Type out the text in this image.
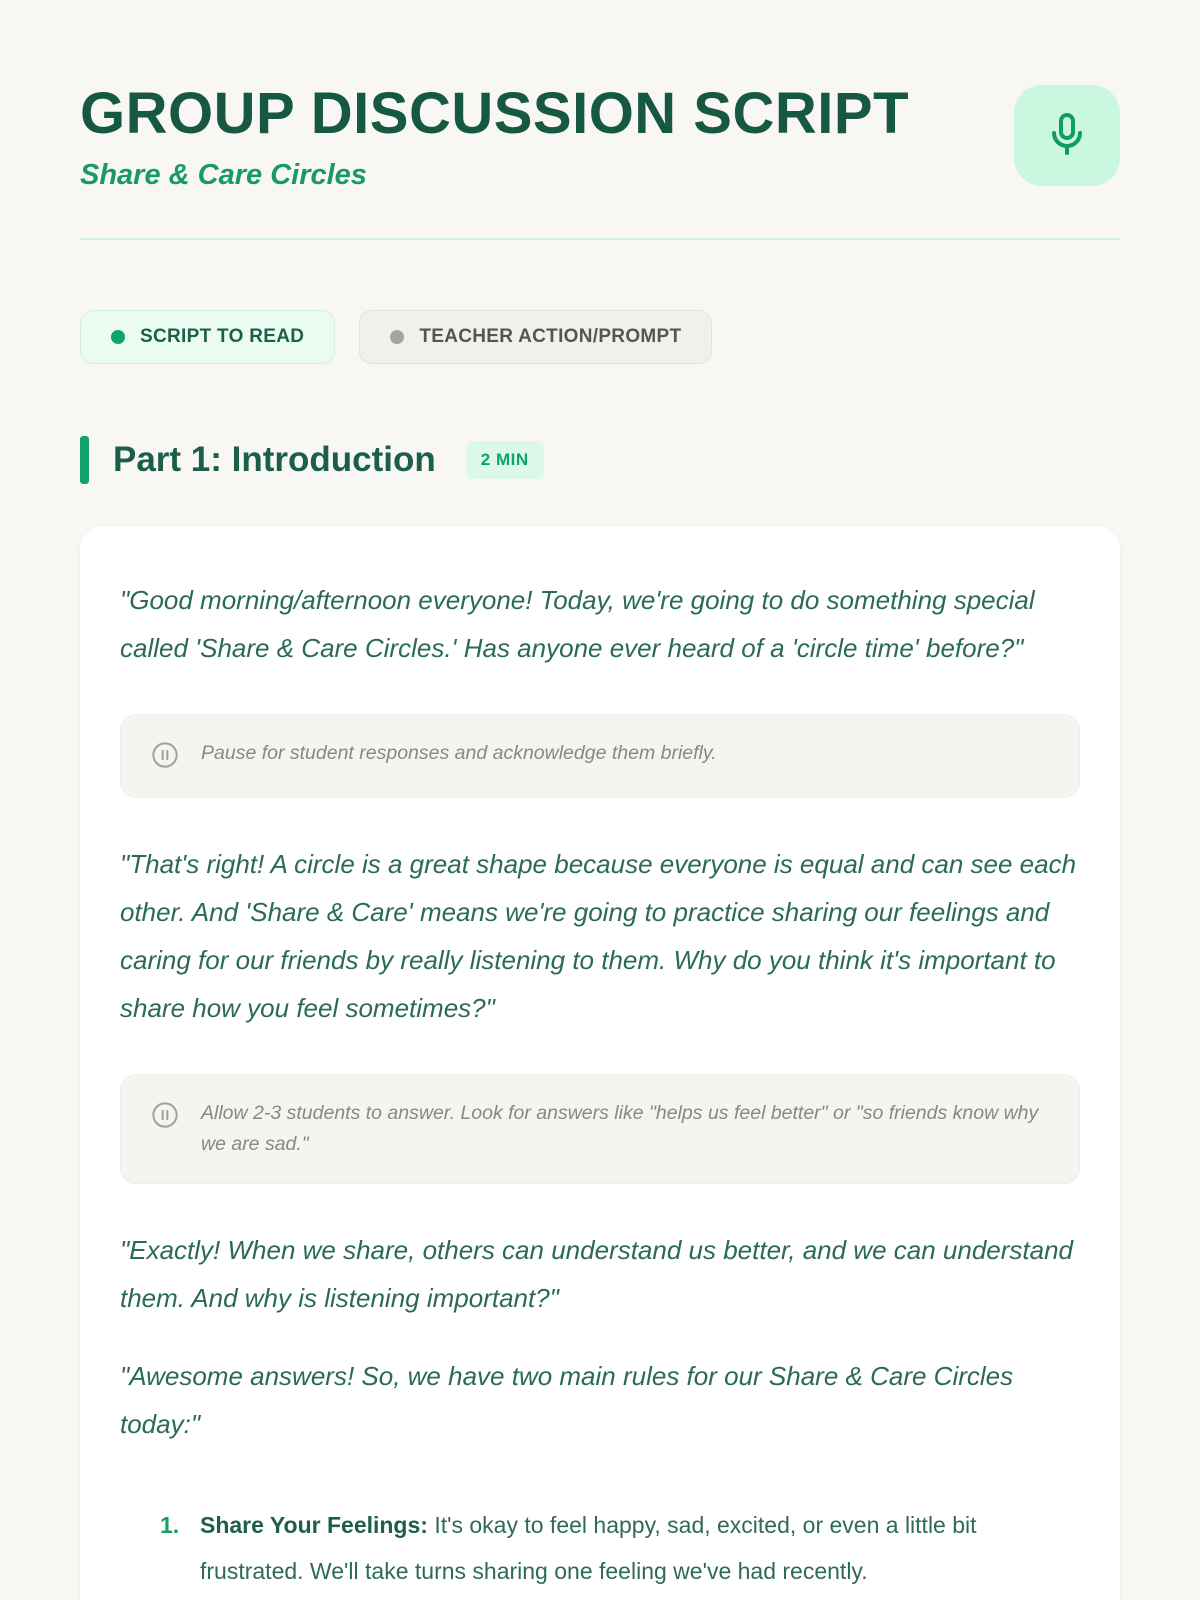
GROUP DISCUSSION SCRIPT
Share & Care Circles
SCRIPT TO READ	TEACHER ACTION/PROMPT
Part 1: Introduction	2 MIN

"Good morning/afternoon everyone! Today, we're going to do something special called 'Share & Care Circles.' Has anyone ever heard of a 'circle time' before?"

Pause for student responses and acknowledge them briefly.

"That's right! A circle is a great shape because everyone is equal and can see each other. And 'Share & Care' means we're going to practice sharing our feelings and caring for our friends by really listening to them. Why do you think it's important to share how you feel sometimes?"

Allow 2-3 students to answer. Look for answers like "helps us feel better" or "so friends know why we are sad."

"Exactly! When we share, others can understand us better, and we can understand them. And why is listening important?"

"Awesome answers! So, we have two main rules for our Share & Care Circles today:"

1. Share Your Feelings: It's okay to feel happy, sad, excited, or even a little bit frustrated. We'll take turns sharing one feeling we've had recently.
